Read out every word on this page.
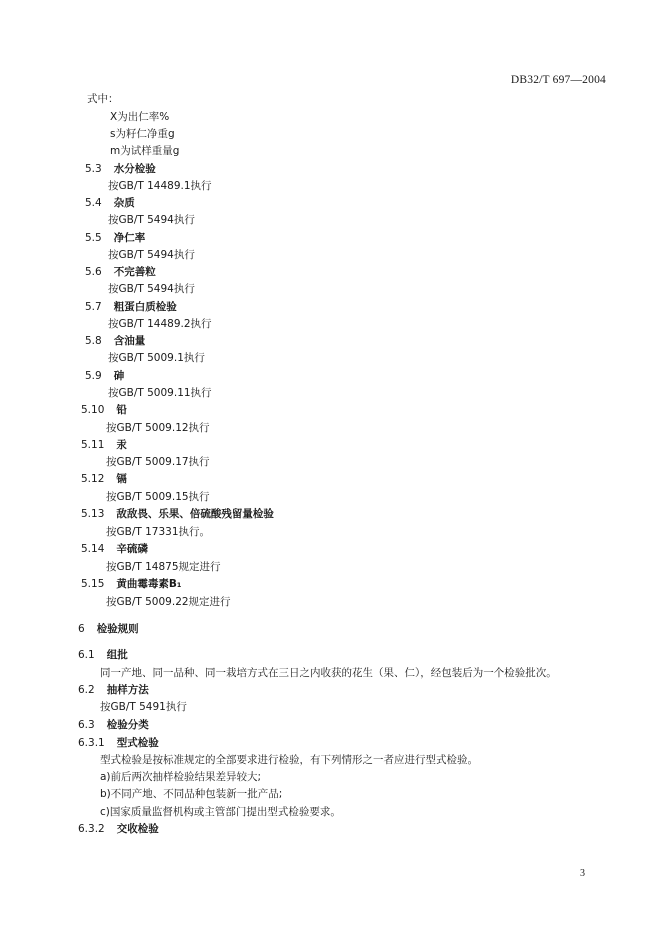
DB32/T 697—2004
式中：
X为出仁率%
s为籽仁净重g
m为试样重量g
5.3 水分检验
按GB/T 14489.1执行
5.4 杂质
按GB/T 5494执行
5.5 净仁率
按GB/T 5494执行
5.6 不完善粒
按GB/T 5494执行
5.7 粗蛋白质检验
按GB/T 14489.2执行
5.8 含油量
按GB/T 5009.1执行
5.9 砷
按GB/T 5009.11执行
5.10 铅
按GB/T 5009.12执行
5.11 汞
按GB/T 5009.17执行
5.12 镉
按GB/T 5009.15执行
5.13 敌敌畏、乐果、倍硫酸残留量检验
按GB/T 17331执行。
5.14 辛硫磷
按GB/T 14875规定进行
5.15 黄曲霉毒素B₁
按GB/T 5009.22规定进行
6 检验规则
6.1 组批
同一产地、同一品种、同一栽培方式在三日之内收获的花生（果、仁），经包装后为一个检验批次。
6.2 抽样方法
按GB/T 5491执行
6.3 检验分类
6.3.1 型式检验
型式检验是按标准规定的全部要求进行检验，有下列情形之一者应进行型式检验。
a)前后两次抽样检验结果差异较大;
b)不同产地、不同品种包装新一批产品;
c)国家质量监督机构或主管部门提出型式检验要求。
6.3.2 交收检验
3
